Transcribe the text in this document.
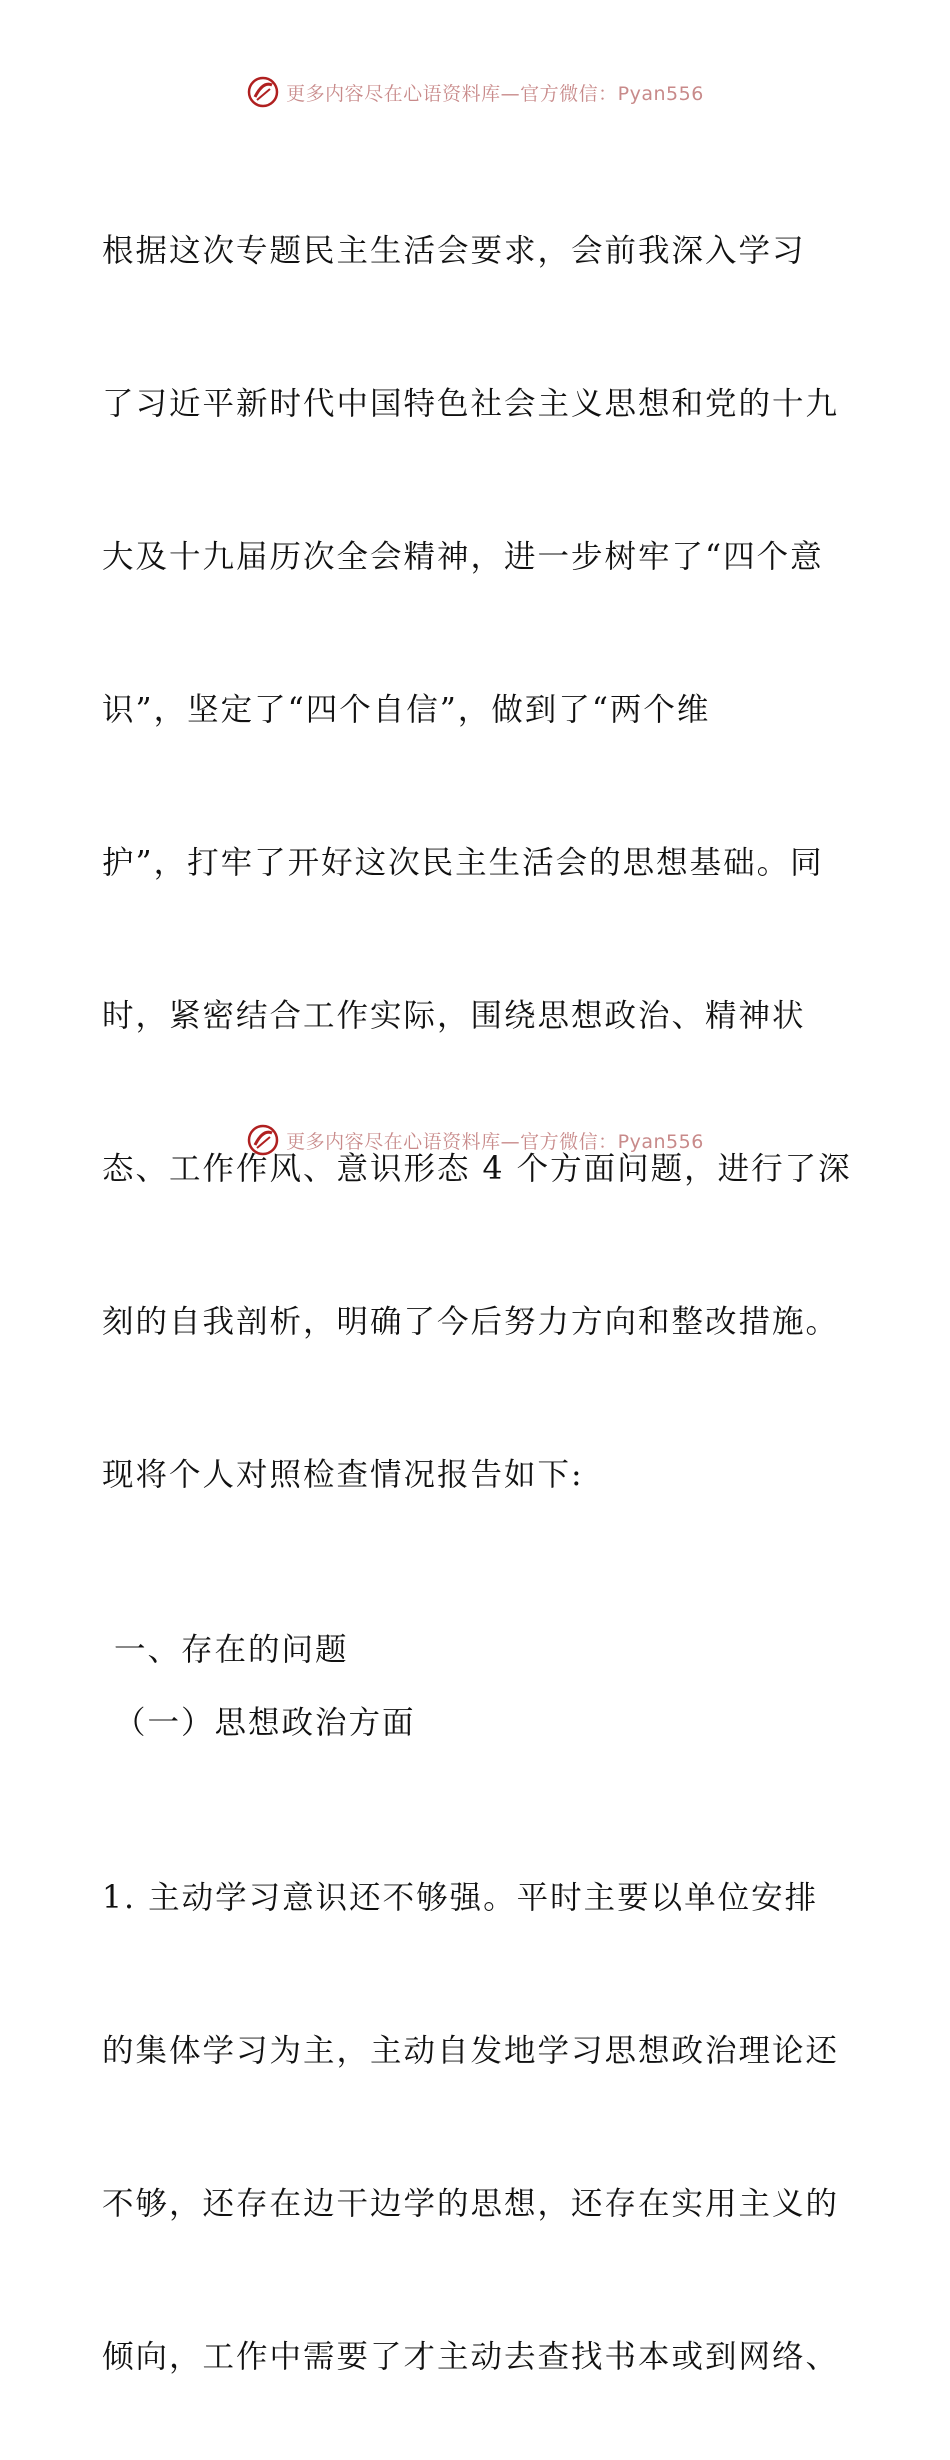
更多内容尽在心语资料库—官方微信：Pyan556

根据这次专题民主生活会要求，会前我深入学习

了习近平新时代中国特色社会主义思想和党的十九

大及十九届历次全会精神，进一步树牢了“四个意

识”，坚定了“四个自信”，做到了“两个维

护”，打牢了开好这次民主生活会的思想基础。同

时，紧密结合工作实际，围绕思想政治、精神状

态、工作作风、意识形态 4 个方面问题，进行了深

刻的自我剖析，明确了今后努力方向和整改措施。

现将个人对照检查情况报告如下:

一、存在的问题

（一）思想政治方面

1. 主动学习意识还不够强。平时主要以单位安排

的集体学习为主，主动自发地学习思想政治理论还

不够，还存在边干边学的思想，还存在实用主义的

倾向，工作中需要了才主动去查找书本或到网络、

更多内容尽在心语资料库—官方微信：Pyan556
